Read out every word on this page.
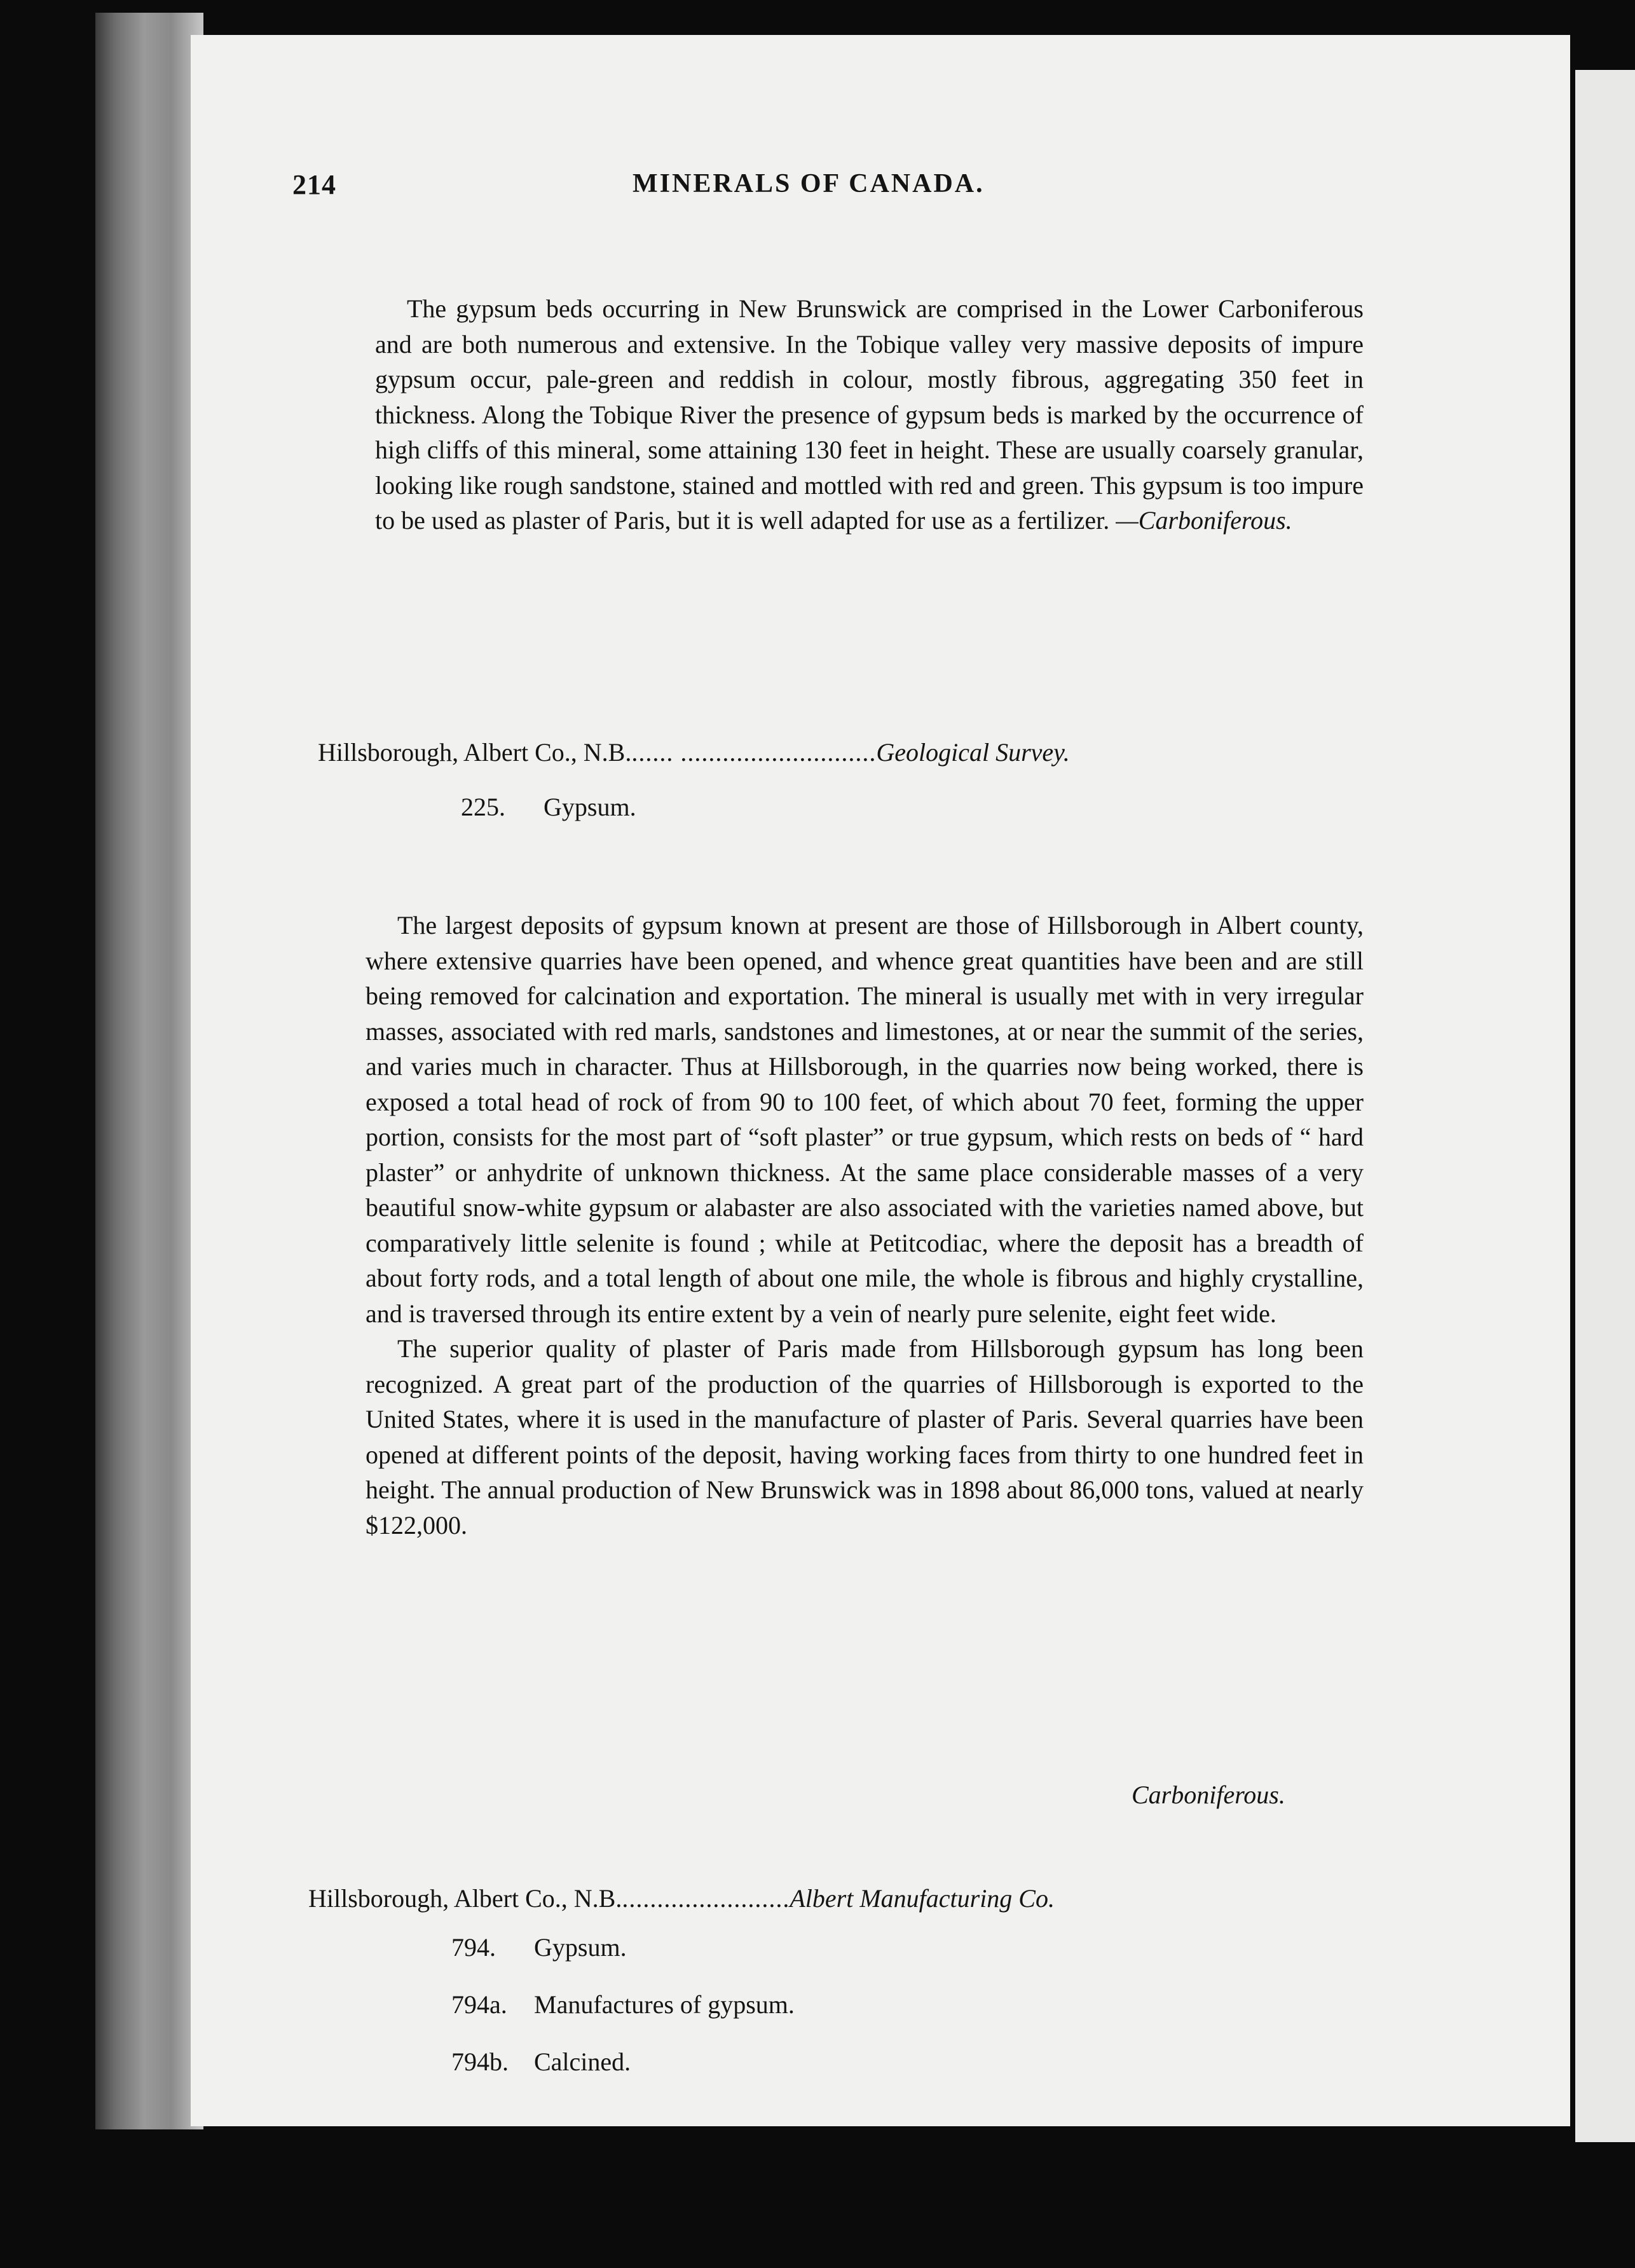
214	MINERALS OF CANADA.

The gypsum beds occurring in New Brunswick are comprised in the Lower Carboniferous and are both numerous and extensive. In the Tobique valley very massive deposits of impure gypsum occur, pale-green and reddish in colour, mostly fibrous, aggregating 350 feet in thickness. Along the Tobique River the presence of gypsum beds is marked by the occurrence of high cliffs of this mineral, some attaining 130 feet in height. These are usually coarsely granular, looking like rough sandstone, stained and mottled with red and green. This gypsum is too impure to be used as plaster of Paris, but it is well adapted for use as a fertilizer. —Carboniferous.

Hillsborough, Albert Co., N.B....... ............................Geological Survey.
225. Gypsum.

The largest deposits of gypsum known at present are those of Hillsborough in Albert county, where extensive quarries have been opened, and whence great quantities have been and are still being removed for calcination and exportation. The mineral is usually met with in very irregular masses, associated with red marls, sandstones and limestones, at or near the summit of the series, and varies much in character. Thus at Hillsborough, in the quarries now being worked, there is exposed a total head of rock of from 90 to 100 feet, of which about 70 feet, forming the upper portion, consists for the most part of “soft plaster” or true gypsum, which rests on beds of “ hard plaster” or anhydrite of unknown thickness. At the same place considerable masses of a very beautiful snow-white gypsum or alabaster are also associated with the varieties named above, but comparatively little selenite is found ; while at Petitcodiac, where the deposit has a breadth of about forty rods, and a total length of about one mile, the whole is fibrous and highly crystalline, and is traversed through its entire extent by a vein of nearly pure selenite, eight feet wide.

The superior quality of plaster of Paris made from Hillsborough gypsum has long been recognized. A great part of the production of the quarries of Hillsborough is exported to the United States, where it is used in the manufacture of plaster of Paris. Several quarries have been opened at different points of the deposit, having working faces from thirty to one hundred feet in height. The annual production of New Brunswick was in 1898 about 86,000 tons, valued at nearly $122,000.

Carboniferous.
Hillsborough, Albert Co., N.B.........................Albert Manufacturing Co.
794. Gypsum.
794a. Manufactures of gypsum.
794b. Calcined.
